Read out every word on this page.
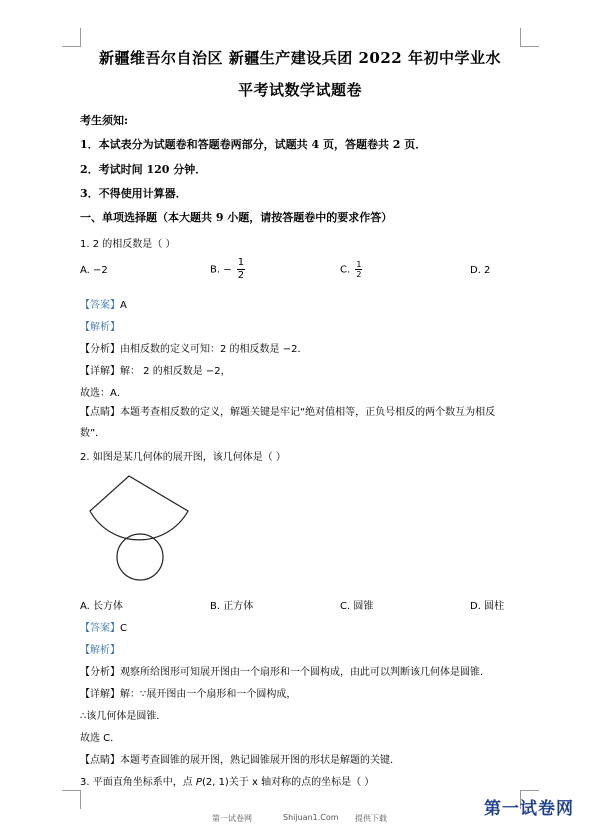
新疆维吾尔自治区 新疆生产建设兵团 2022 年初中学业水
平考试数学试题卷
考生须知:
1．本试表分为试题卷和答题卷两部分，试题共 4 页，答题卷共 2 页．
2．考试时间 120 分钟．
3．不得使用计算器．
一、单项选择题（本大题共 9 小题，请按答题卷中的要求作答）
1. 2 的相反数是（ ）
A. −2	B. − $\frac{1}{2}$	C. $\frac{1}{2}$	D. 2
【答案】A
【解析】
【分析】由相反数的定义可知：2 的相反数是 −2．
【详解】解： 2 的相反数是 −2，
故选：A．
【点睛】本题考查相反数的定义，解题关键是牢记“绝对值相等，正负号相反的两个数互为相反数”．
2. 如图是某几何体的展开图，该几何体是（ ）
A. 长方体	B. 正方体	C. 圆锥	D. 圆柱
【答案】C
【解析】
【分析】观察所给图形可知展开图由一个扇形和一个圆构成，由此可以判断该几何体是圆锥．
【详解】解：∵展开图由一个扇形和一个圆构成，
∴该几何体是圆锥．
故选 C．
【点睛】本题考查圆锥的展开图，熟记圆锥展开图的形状是解题的关键．
3. 平面直角坐标系中，点 P(2, 1)关于 x 轴对称的点的坐标是（ ）
第一试卷网	Shijuan1.Com 提供下载	第一试卷网
